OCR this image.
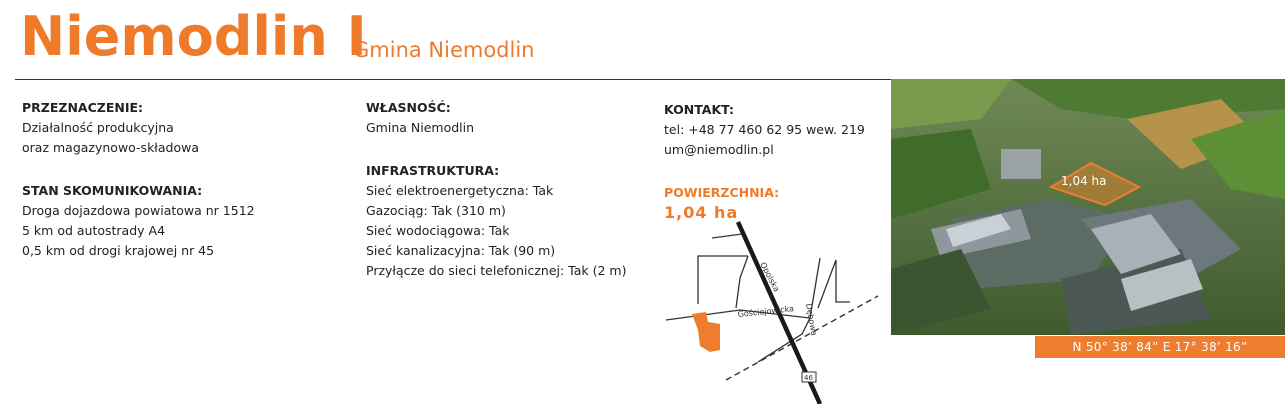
Niemodlin I
Gmina Niemodlin
PRZEZNACZENIE:
Działalność produkcyjna
oraz magazynowo-składowa
STAN SKOMUNIKOWANIA:
Droga dojazdowa powiatowa nr 1512
5 km od autostrady A4
0,5 km od drogi krajowej nr 45
WŁASNOŚĆ:
Gmina Niemodlin
INFRASTRUKTURA:
Sieć elektroenergetyczna: Tak
Gazociąg: Tak (310 m)
Sieć wodociągowa: Tak
Sieć kanalizacyjna: Tak (90 m)
Przyłącze do sieci telefonicznej: Tak (2 m)
KONTAKT:
tel: +48 77 460 62 95 wew. 219
um@niemodlin.pl
POWIERZCHNIA:
1,04 ha
Opolska
Gościejowicka Dębowa
46
1,04 ha
N 50° 38’ 84” E 17° 38’ 16”
